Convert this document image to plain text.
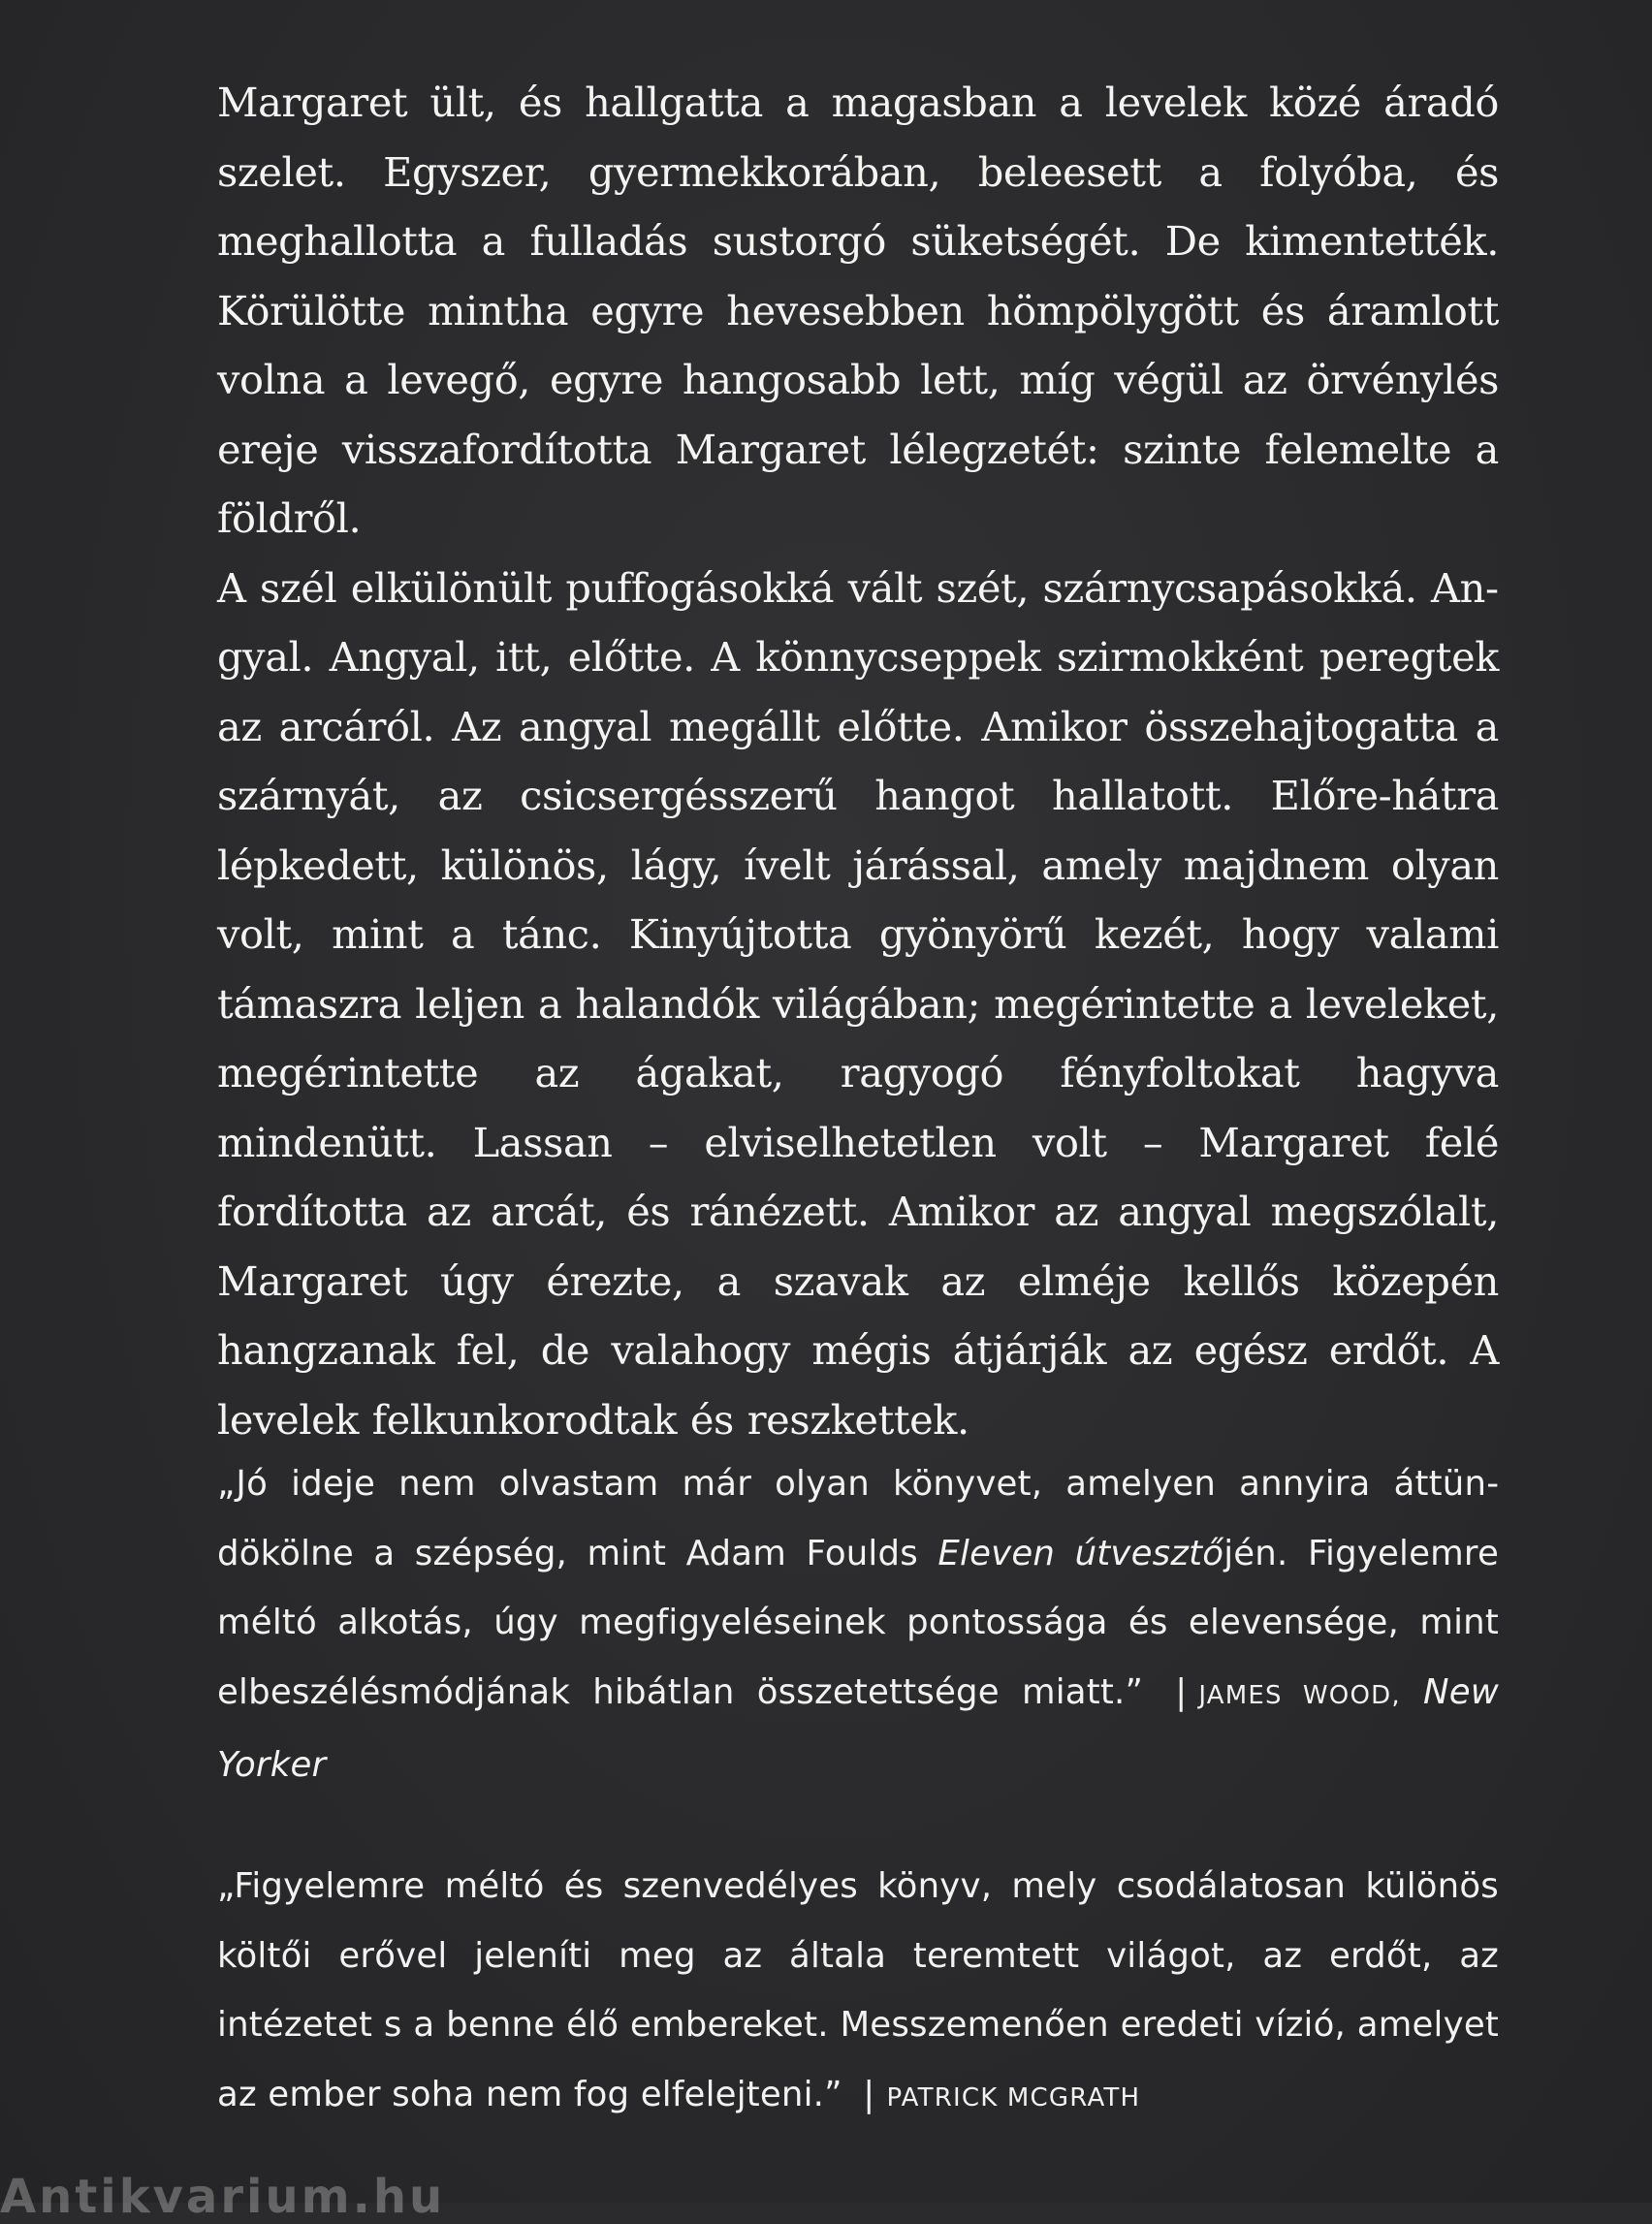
Margaret ült, és hallgatta a magasban a levelek közé áradó szelet. Egyszer, gyermekkorában, beleesett a folyóba, és meghallotta a fulladás sustorgó süketségét. De kimentették. Körülötte mintha egyre hevesebben hömpölygött és áramlott volna a levegő, egyre hangosabb lett, míg végül az örvénylés ereje visszafordította Margaret lélegzetét: szinte felemelte a földről.

A szél elkülönült puffogásokká vált szét, szárnycsapásokká. Angyal. Angyal, itt, előtte. A könnycseppek szirmokként peregtek az arcáról. Az angyal megállt előtte. Amikor összehajtogatta a szárnyát, az csicsergésszerű hangot hallatott. Előre-hátra lépkedett, különös, lágy, ívelt járással, amely majdnem olyan volt, mint a tánc. Kinyújtotta gyönyörű kezét, hogy valami támaszra leljen a halandók világában; megérintette a leveleket, megérintette az ágakat, ragyogó fényfoltokat hagyva mindenütt. Lassan – elviselhetetlen volt – Margaret felé fordította az arcát, és ránézett. Amikor az angyal megszólalt, Margaret úgy érezte, a szavak az elméje kellős közepén hangzanak fel, de valahogy mégis átjárják az egész erdőt. A levelek felkunkorodtak és reszkettek.

„Jó ideje nem olvastam már olyan könyvet, amelyen annyira áttündökölne a szépség, mint Adam Foulds Eleven útvesztőjén. Figyelemre méltó alkotás, úgy megfigyeléseinek pontossága és elevensége, mint elbeszélésmódjának hibátlan összetettsége miatt.” | JAMES WOOD, New Yorker
„Figyelemre méltó és szenvedélyes könyv, mely csodálatosan különös költői erővel jeleníti meg az általa teremtett világot, az erdőt, az intézetet s a benne élő embereket. Messzemenően eredeti vízió, amelyet az ember soha nem fog elfelejteni.” | PATRICK MCGRATH
Antikvarium.hu
